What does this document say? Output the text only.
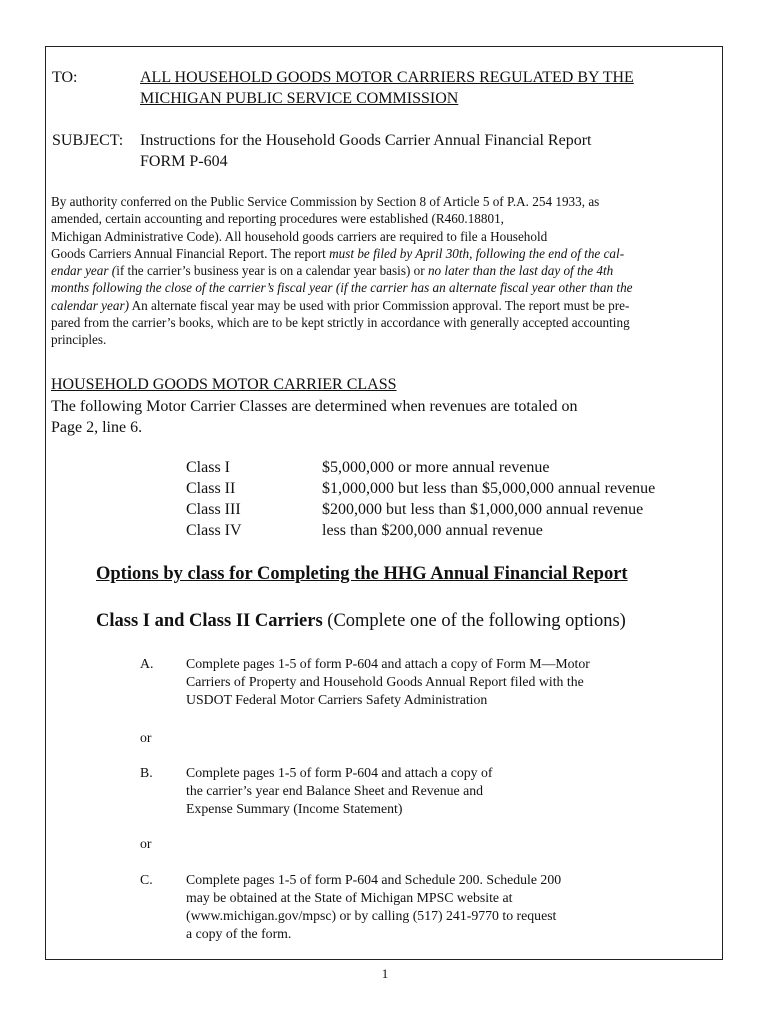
TO:	ALL HOUSEHOLD GOODS MOTOR CARRIERS REGULATED BY THE
MICHIGAN PUBLIC SERVICE COMMISSION
SUBJECT: Instructions for the Household Goods Carrier Annual Financial Report
FORM P-604
By authority conferred on the Public Service Commission by Section 8 of Article 5 of P.A. 254 1933, as
amended, certain accounting and reporting procedures were established (R460.18801,
Michigan Administrative Code). All household goods carriers are required to file a Household
Goods Carriers Annual Financial Report. The report must be filed by April 30th, following the end of the cal-
endar year (if the carrier’s business year is on a calendar year basis) or no later than the last day of the 4th
months following the close of the carrier’s fiscal year (if the carrier has an alternate fiscal year other than the
calendar year) An alternate fiscal year may be used with prior Commission approval. The report must be pre-
pared from the carrier’s books, which are to be kept strictly in accordance with generally accepted accounting
principles.
HOUSEHOLD GOODS MOTOR CARRIER CLASS
The following Motor Carrier Classes are determined when revenues are totaled on
Page 2, line 6.
Class I	$5,000,000 or more annual revenue
Class II	$1,000,000 but less than $5,000,000 annual revenue
Class III	$200,000 but less than $1,000,000 annual revenue
Class IV	less than $200,000 annual revenue
Options by class for Completing the HHG Annual Financial Report
Class I and Class II Carriers (Complete one of the following options)
A. Complete pages 1-5 of form P-604 and attach a copy of Form M—Motor
Carriers of Property and Household Goods Annual Report filed with the
USDOT Federal Motor Carriers Safety Administration
or
B. Complete pages 1-5 of form P-604 and attach a copy of
the carrier’s year end Balance Sheet and Revenue and
Expense Summary (Income Statement)
or
C. Complete pages 1-5 of form P-604 and Schedule 200. Schedule 200
may be obtained at the State of Michigan MPSC website at
(www.michigan.gov/mpsc) or by calling (517) 241-9770 to request
a copy of the form.
1
